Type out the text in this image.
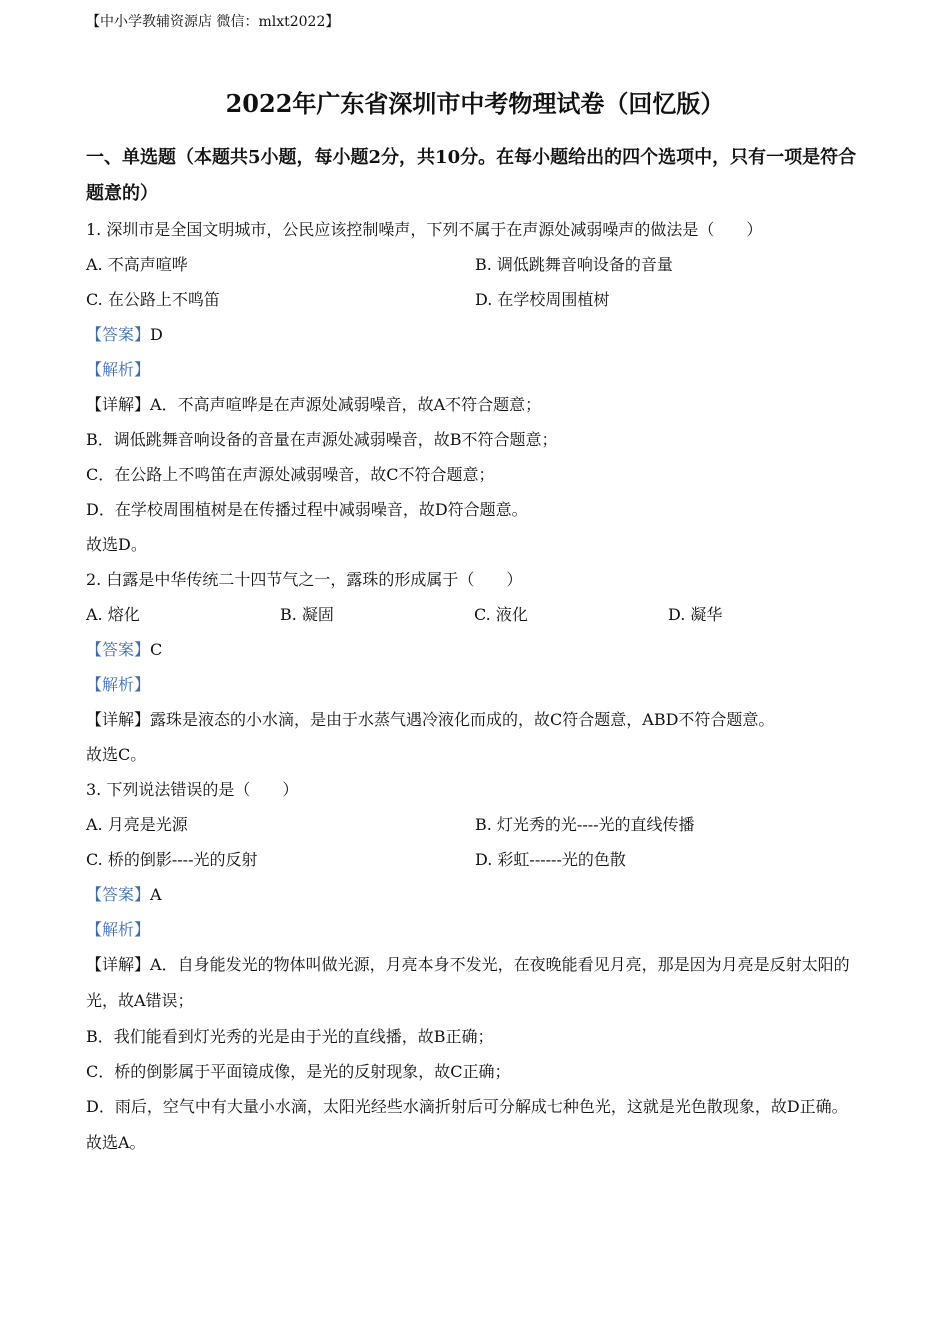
【中小学教辅资源店 微信：mlxt2022】
2022年广东省深圳市中考物理试卷（回忆版）

一、单选题（本题共5小题，每小题2分，共10分。在每小题给出的四个选项中，只有一项是符合题意的）

1. 深圳市是全国文明城市，公民应该控制噪声，下列不属于在声源处减弱噪声的做法是（　　）
A. 不高声喧哗	B. 调低跳舞音响设备的音量
C. 在公路上不鸣笛	D. 在学校周围植树
【答案】D
【解析】
【详解】A．不高声喧哗是在声源处减弱噪音，故A不符合题意；
B．调低跳舞音响设备的音量在声源处减弱噪音，故B不符合题意；
C．在公路上不鸣笛在声源处减弱噪音，故C不符合题意；
D．在学校周围植树是在传播过程中减弱噪音，故D符合题意。
故选D。
2. 白露是中华传统二十四节气之一，露珠的形成属于（　　）
A. 熔化	B. 凝固	C. 液化	D. 凝华
【答案】C
【解析】
【详解】露珠是液态的小水滴，是由于水蒸气遇冷液化而成的，故C符合题意，ABD不符合题意。
故选C。
3. 下列说法错误的是（　　）
A. 月亮是光源	B. 灯光秀的光----光的直线传播
C. 桥的倒影----光的反射	D. 彩虹------光的色散
【答案】A
【解析】
【详解】A．自身能发光的物体叫做光源，月亮本身不发光，在夜晚能看见月亮，那是因为月亮是反射太阳的光，故A错误；
B．我们能看到灯光秀的光是由于光的直线播，故B正确；
C．桥的倒影属于平面镜成像，是光的反射现象，故C正确；
D．雨后，空气中有大量小水滴，太阳光经些水滴折射后可分解成七种色光，这就是光色散现象，故D正确。
故选A。
